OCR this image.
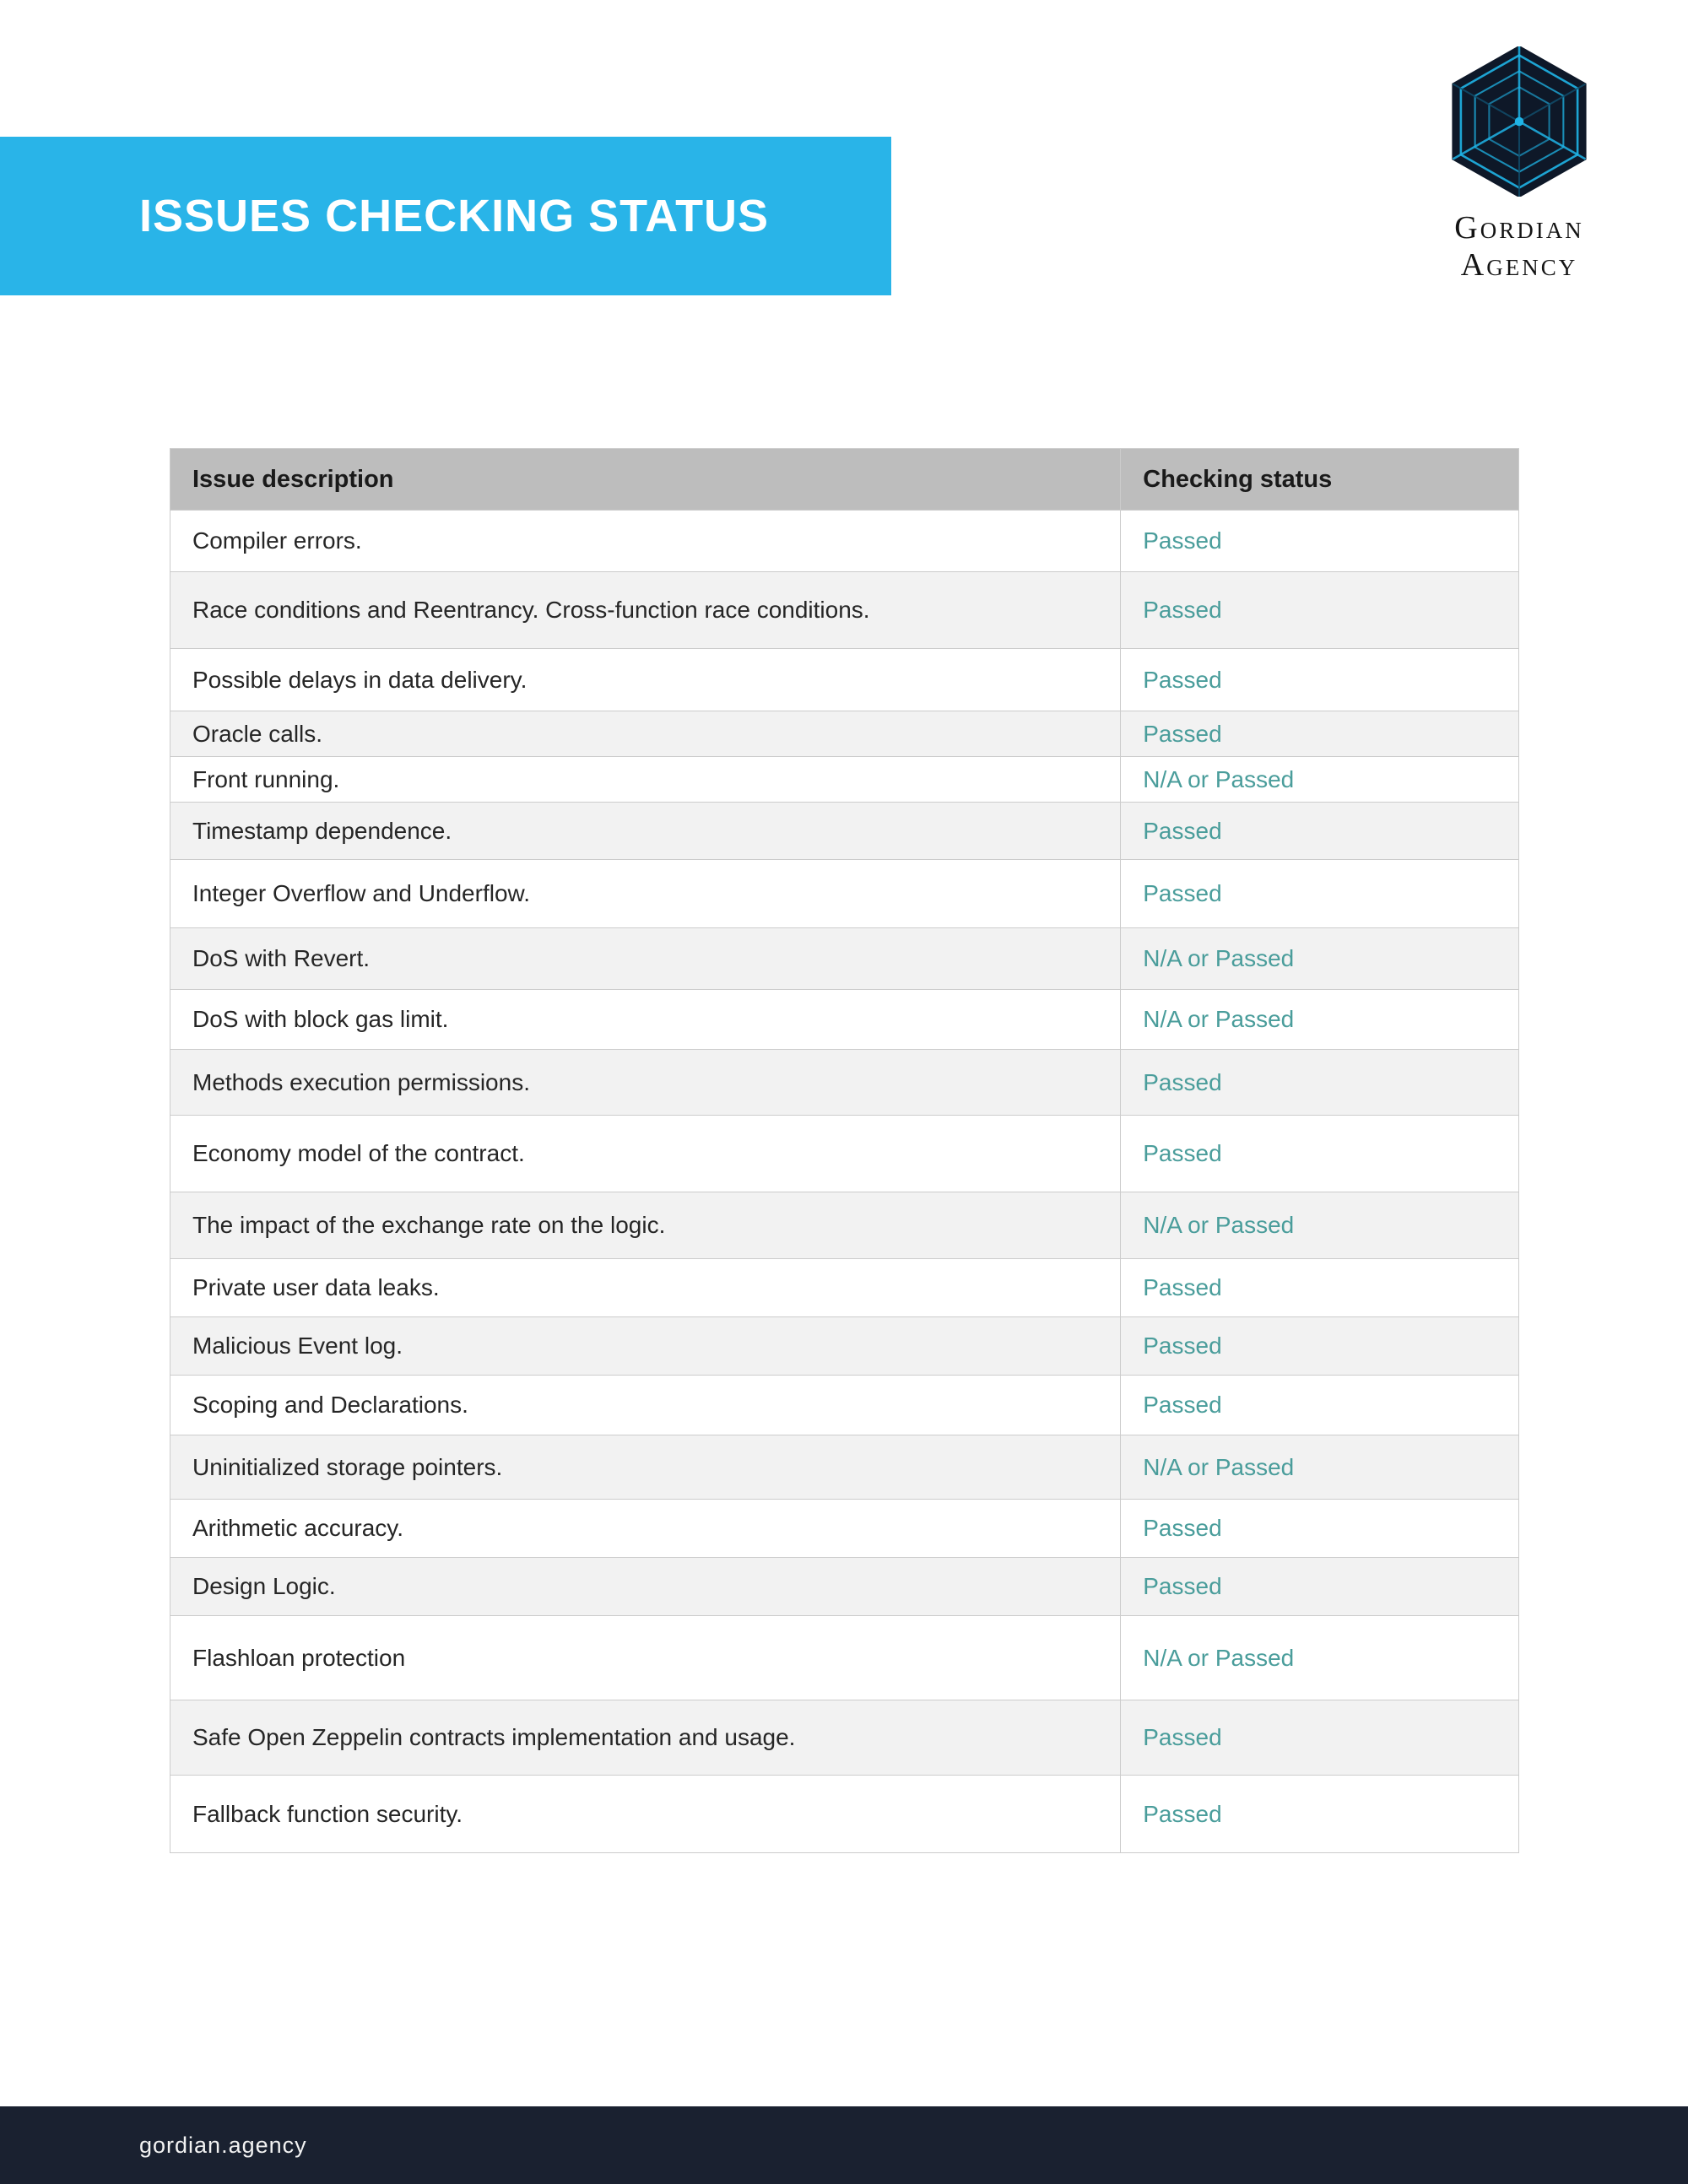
Gordian Agency
ISSUES CHECKING STATUS
Issue description	Checking status
Compiler errors.	Passed
Race conditions and Reentrancy. Cross-function race conditions.	Passed
Possible delays in data delivery.	Passed
Oracle calls.	Passed
Front running.	N/A or Passed
Timestamp dependence.	Passed
Integer Overflow and Underflow.	Passed
DoS with Revert.	N/A or Passed
DoS with block gas limit.	N/A or Passed
Methods execution permissions.	Passed
Economy model of the contract.	Passed
The impact of the exchange rate on the logic.	N/A or Passed
Private user data leaks.	Passed
Malicious Event log.	Passed
Scoping and Declarations.	Passed
Uninitialized storage pointers.	N/A or Passed
Arithmetic accuracy.	Passed
Design Logic.	Passed
Flashloan protection	N/A or Passed
Safe Open Zeppelin contracts implementation and usage.	Passed
Fallback function security.	Passed
gordian.agency
